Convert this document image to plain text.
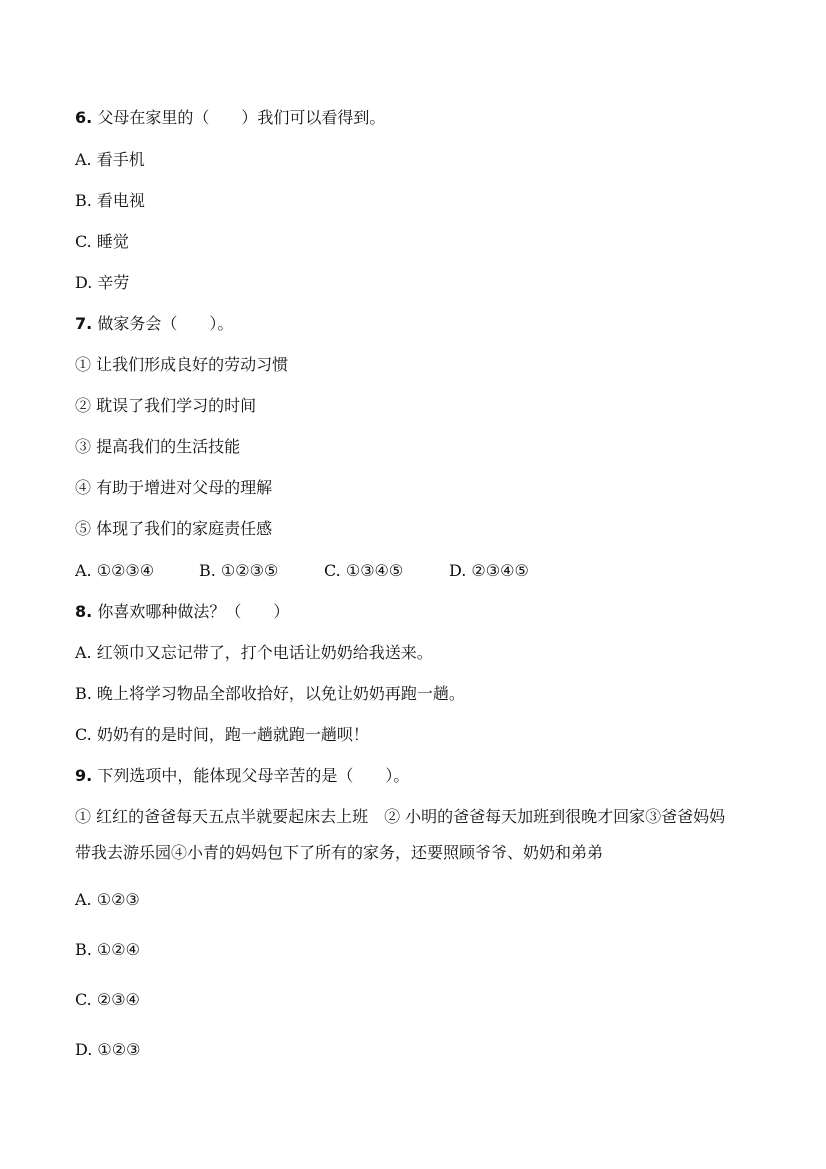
6. 父母在家里的（　　）我们可以看得到。
A. 看手机
B. 看电视
C. 睡觉
D. 辛劳
7. 做家务会（　　）。
① 让我们形成良好的劳动习惯
② 耽误了我们学习的时间
③ 提高我们的生活技能
④ 有助于增进对父母的理解
⑤ 体现了我们的家庭责任感
A. ①②③④	B. ①②③⑤	C. ①③④⑤	D. ②③④⑤
8. 你喜欢哪种做法？（　　）
A. 红领巾又忘记带了，打个电话让奶奶给我送来。
B. 晚上将学习物品全部收拾好，以免让奶奶再跑一趟。
C. 奶奶有的是时间，跑一趟就跑一趟呗！
9. 下列选项中，能体现父母辛苦的是（　　）。
① 红红的爸爸每天五点半就要起床去上班　② 小明的爸爸每天加班到很晚才回家③爸爸妈妈
带我去游乐园④小青的妈妈包下了所有的家务，还要照顾爷爷、奶奶和弟弟
A. ①②③
B. ①②④
C. ②③④
D. ①②③
